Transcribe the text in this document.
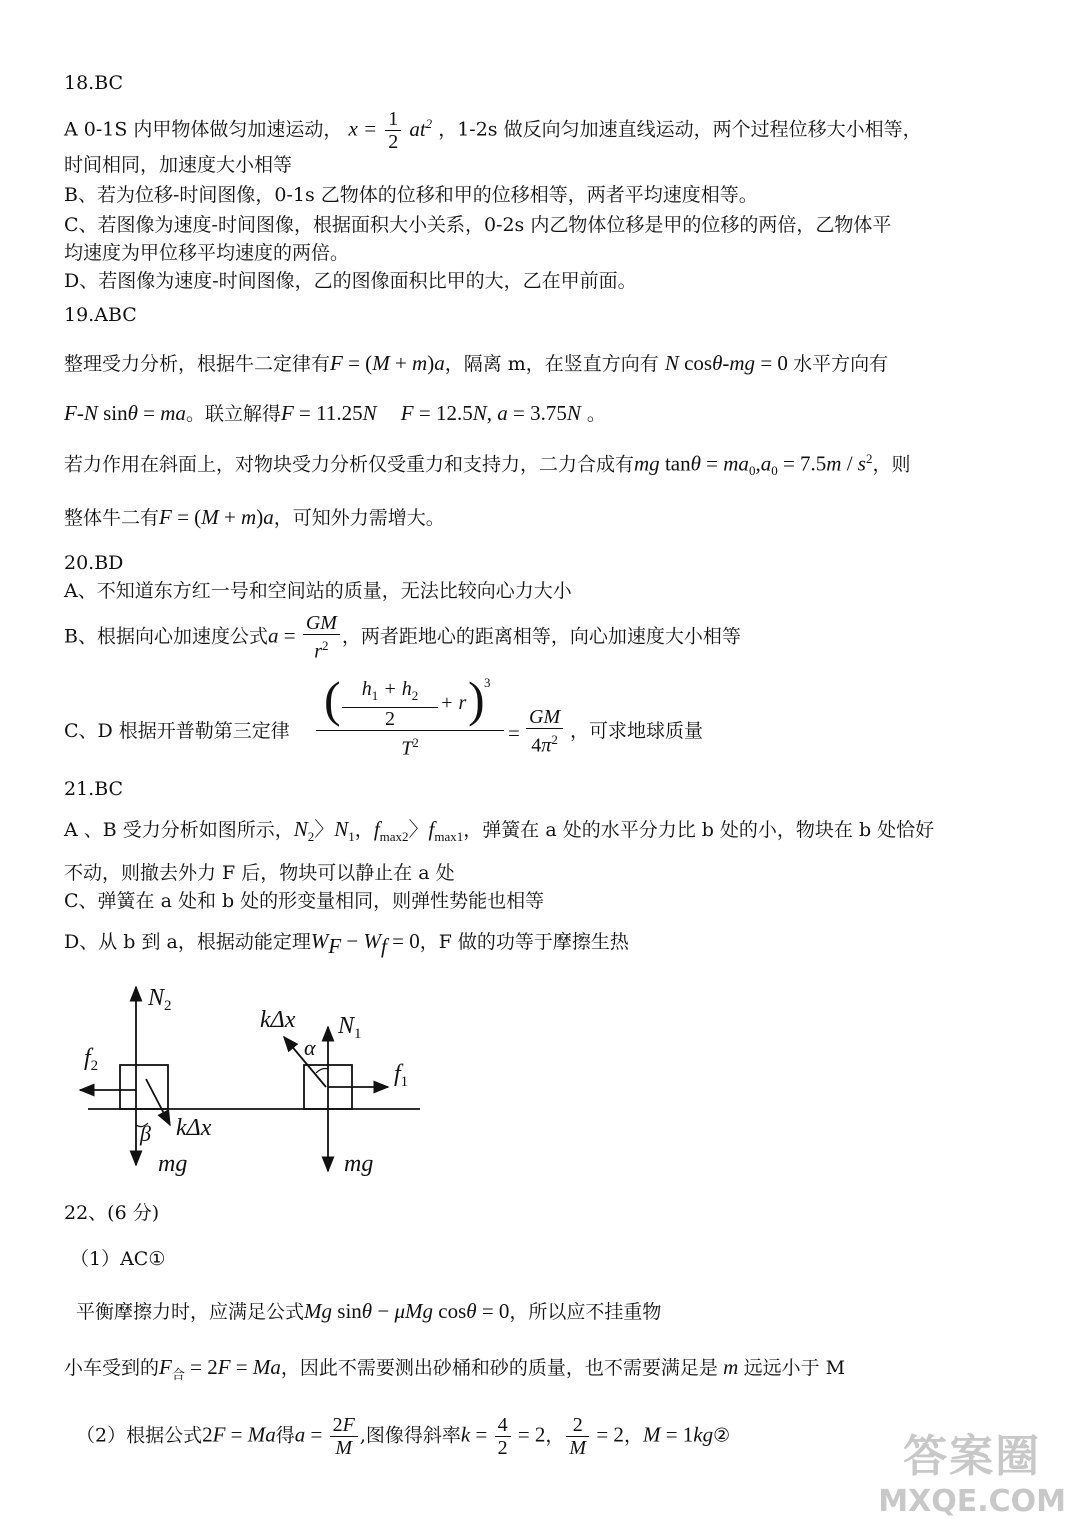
18.BC
A 0-1S 内甲物体做匀加速运动， $x = \frac{1}{2} at^2$ ，1-2s 做反向匀加速直线运动，两个过程位移大小相等，
时间相同，加速度大小相等
B、若为位移-时间图像，0-1s 乙物体的位移和甲的位移相等，两者平均速度相等。
C、若图像为速度-时间图像，根据面积大小关系，0-2s 内乙物体位移是甲的位移的两倍，乙物体平
均速度为甲位移平均速度的两倍。
D、若图像为速度-时间图像，乙的图像面积比甲的大，乙在甲前面。
19.ABC
整理受力分析，根据牛二定律有F = (M + m)a，隔离 m，在竖直方向有 N cosθ-mg = 0 水平方向有
F-N sinθ = ma。联立解得F = 11.25N F = 12.5N, a = 3.75N 。
若力作用在斜面上，对物块受力分析仅受重力和支持力，二力合成有mg $\tan\theta = ma_0,a_0 = 7.5m / s^2$，则
整体牛二有F = (M + m)a，可知外力需增大。
20.BD
A、不知道东方红一号和空间站的质量，无法比较向心力大小
B、根据向心加速度公式$a = \frac{GM}{r^2}$ ，两者距地心的距离相等，向心加速度大小相等
C、D 根据开普勒第三定律
(	$h_1 + h_2$
2
+ r ) 3
$T^2$	= $\frac{GM}{4\pi^2}$ ，可求地球质量
21.BC
A 、B 受力分析如图所示，$N_2$〉$N_1$，$f_{max2}$〉$f_{max1}$，弹簧在 a 处的水平分力比 b 处的小，物块在 b 处恰好
不动，则撤去外力 F 后，物块可以静止在 a 处
C、弹簧在 a 处和 b 处的形变量相同，则弹性势能也相等
D、从 b 到 a，根据动能定理$W_F - W_f = 0$，F 做的功等于摩擦生热
$N_2$
$f_2$
β kΔx
mg
kΔx
α
$N_1$
$f_1$
mg
22、(6 分)
（1）AC①
平衡摩擦力时，应满足公式Mg sinθ − μMg cosθ = 0，所以应不挂重物
小车受到的$F_合 = 2F = Ma$，因此不需要测出砂桶和砂的质量，也不需要满足是 m 远远小于 M
（2）根据公式2F = Ma得$a = \frac{2F}{M}$ ,图像得斜率$k = \frac{4}{2} = 2$， $\frac{2}{M} = 2$，M = 1kg②	答案圈
MXQE.COM
